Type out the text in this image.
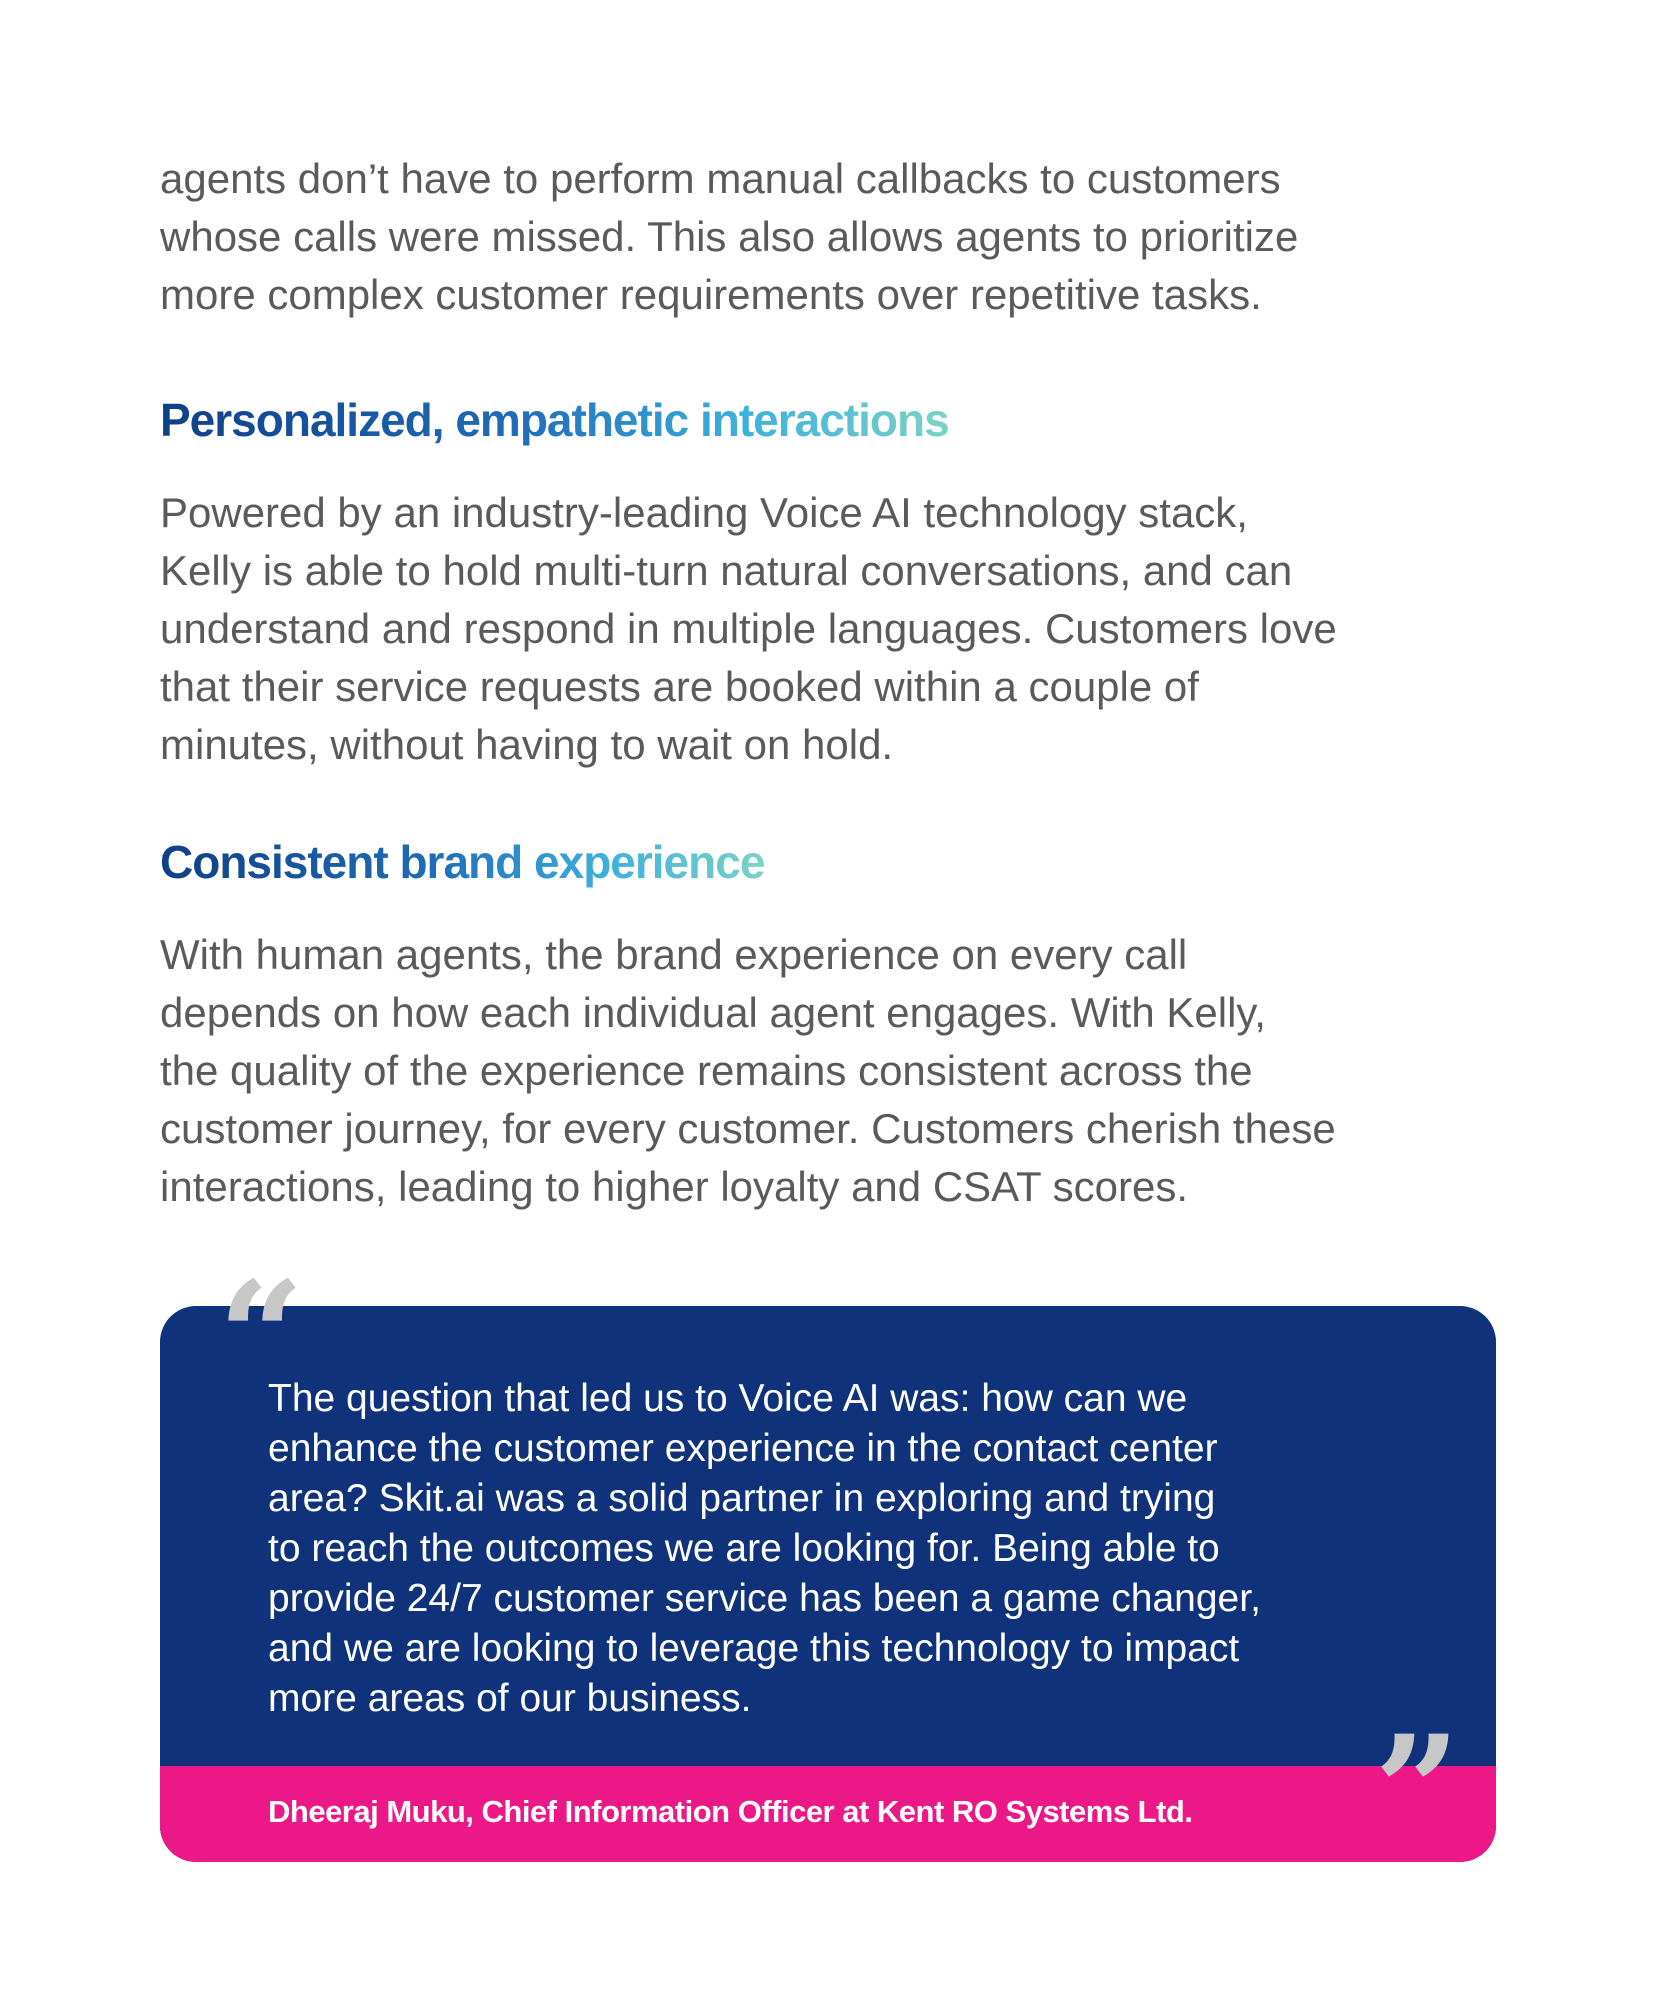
agents don’t have to perform manual callbacks to customers
whose calls were missed. This also allows agents to prioritize
more complex customer requirements over repetitive tasks.

Personalized, empathetic interactions

Powered by an industry-leading Voice AI technology stack,
Kelly is able to hold multi-turn natural conversations, and can
understand and respond in multiple languages. Customers love
that their service requests are booked within a couple of
minutes, without having to wait on hold.

Consistent brand experience

With human agents, the brand experience on every call
depends on how each individual agent engages. With Kelly,
the quality of the experience remains consistent across the
customer journey, for every customer. Customers cherish these
interactions, leading to higher loyalty and CSAT scores.

The question that led us to Voice AI was: how can we
enhance the customer experience in the contact center
area? Skit.ai was a solid partner in exploring and trying
to reach the outcomes we are looking for. Being able to
provide 24/7 customer service has been a game changer,
and we are looking to leverage this technology to impact
more areas of our business.

Dheeraj Muku, Chief Information Officer at Kent RO Systems Ltd.
“
”
